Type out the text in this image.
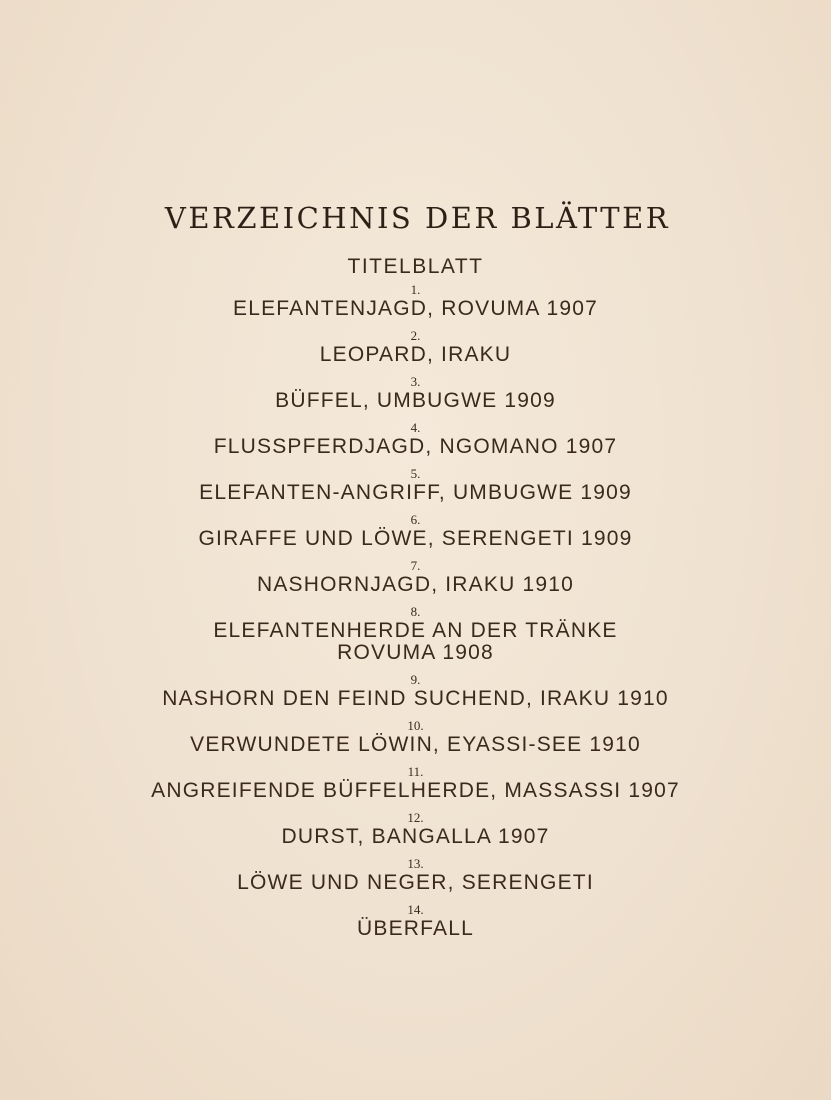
VERZEICHNIS DER BLÄTTER
TITELBLATT
1.
ELEFANTENJAGD, ROVUMA 1907
2.
LEOPARD, IRAKU
3.
BÜFFEL, UMBUGWE 1909
4.
FLUSSPFERDJAGD, NGOMANO 1907
5.
ELEFANTEN-ANGRIFF, UMBUGWE 1909
6.
GIRAFFE UND LÖWE, SERENGETI 1909
7.
NASHORNJAGD, IRAKU 1910
8.
ELEFANTENHERDE AN DER TRÄNKE
ROVUMA 1908
9.
NASHORN DEN FEIND SUCHEND, IRAKU 1910
10.
VERWUNDETE LÖWIN, EYASSI-SEE 1910
11.
ANGREIFENDE BÜFFELHERDE, MASSASSI 1907
12.
DURST, BANGALLA 1907
13.
LÖWE UND NEGER, SERENGETI
14.
ÜBERFALL
